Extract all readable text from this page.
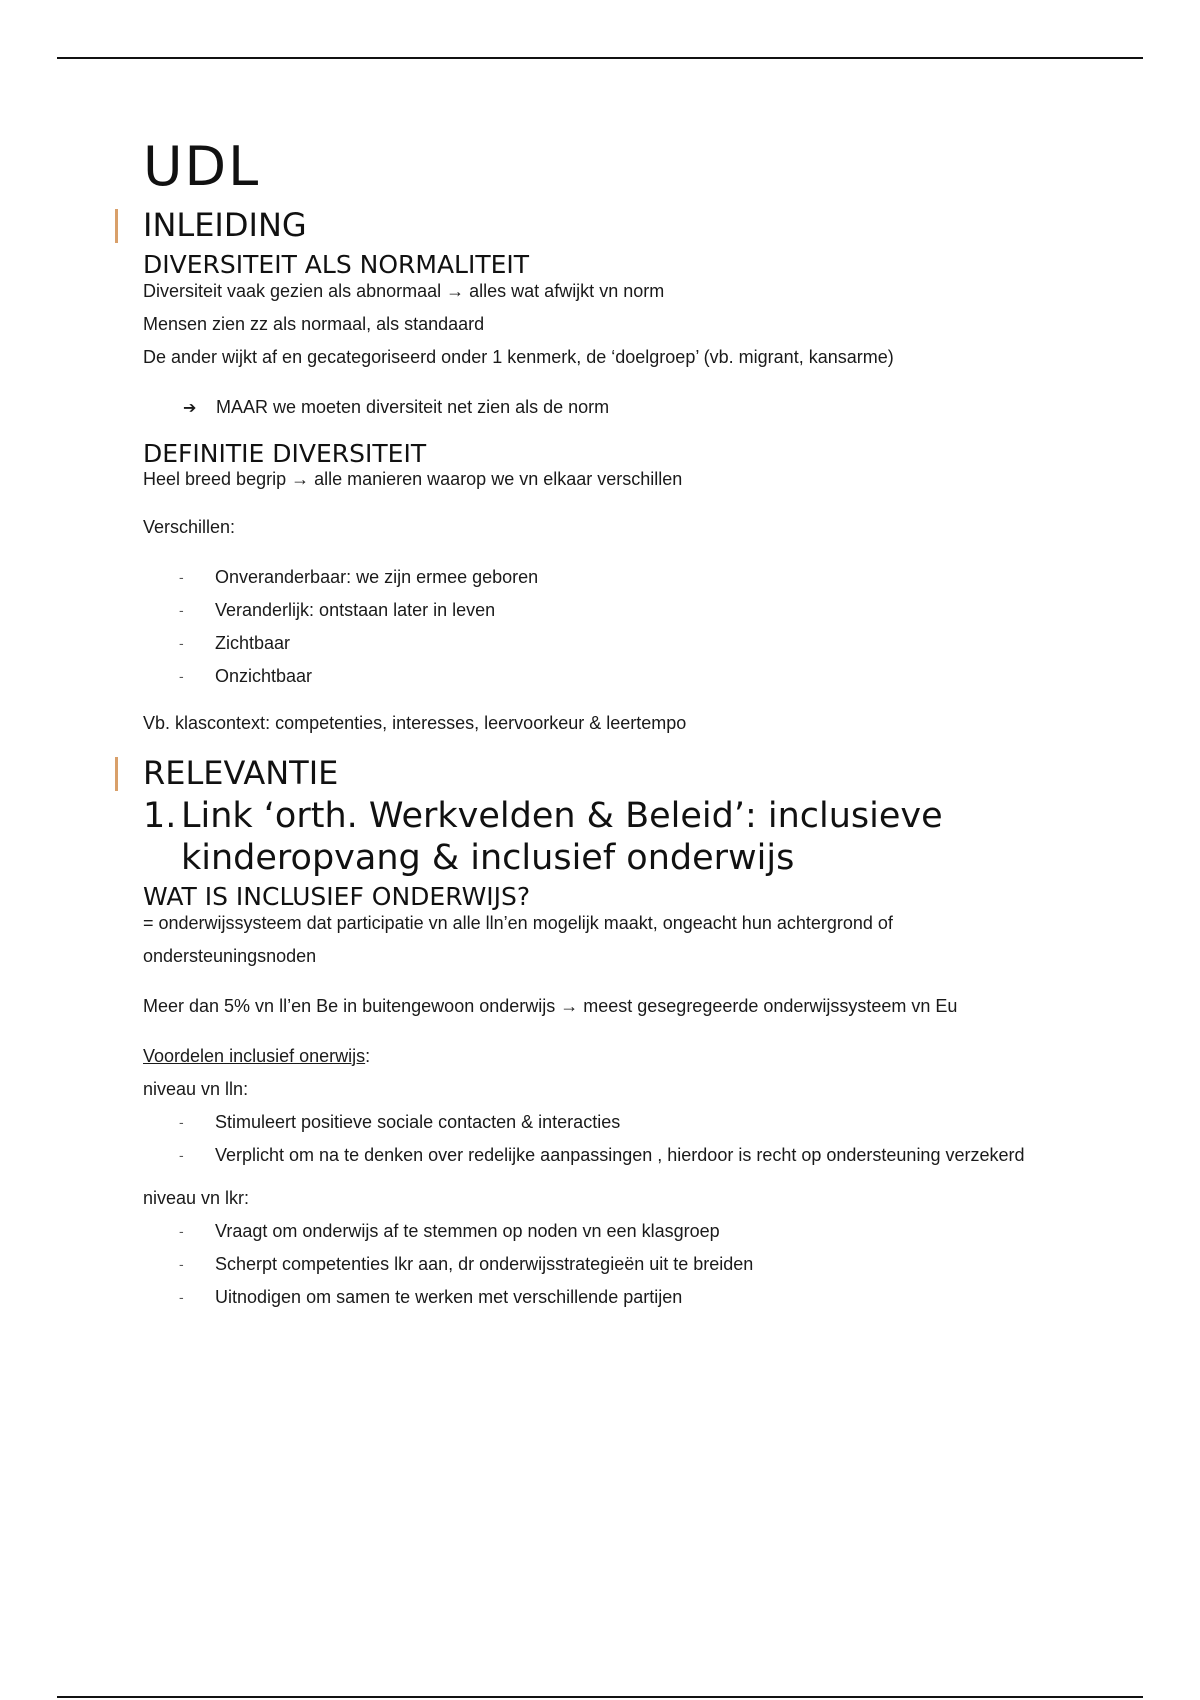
UDL
INLEIDING
DIVERSITEIT ALS NORMALITEIT

Diversiteit vaak gezien als abnormaal → alles wat afwijkt vn norm

Mensen zien zz als normaal, als standaard

De ander wijkt af en gecategoriseerd onder 1 kenmerk, de ‘doelgroep’ (vb. migrant, kansarme)

➔	MAAR we moeten diversiteit net zien als de norm
DEFINITIE DIVERSITEIT

Heel breed begrip → alle manieren waarop we vn elkaar verschillen

Verschillen:

-	Onveranderbaar: we zijn ermee geboren
-	Veranderlijk: ontstaan later in leven
-	Zichtbaar
-	Onzichtbaar

Vb. klascontext: competenties, interesses, leervoorkeur & leertempo

RELEVANTIE
1. Link ‘orth. Werkvelden & Beleid’: inclusieve kinderopvang & inclusief onderwijs
WAT IS INCLUSIEF ONDERWIJS?

= onderwijssysteem dat participatie vn alle lln’en mogelijk maakt, ongeacht hun achtergrond of ondersteuningsnoden

Meer dan 5% vn ll’en Be in buitengewoon onderwijs → meest gesegregeerde onderwijssysteem vn Eu

Voordelen inclusief onerwijs:

niveau vn lln:

-	Stimuleert positieve sociale contacten & interacties
-	Verplicht om na te denken over redelijke aanpassingen , hierdoor is recht op ondersteuning verzekerd

niveau vn lkr:

-	Vraagt om onderwijs af te stemmen op noden vn een klasgroep
-	Scherpt competenties lkr aan, dr onderwijsstrategieën uit te breiden
-	Uitnodigen om samen te werken met verschillende partijen
